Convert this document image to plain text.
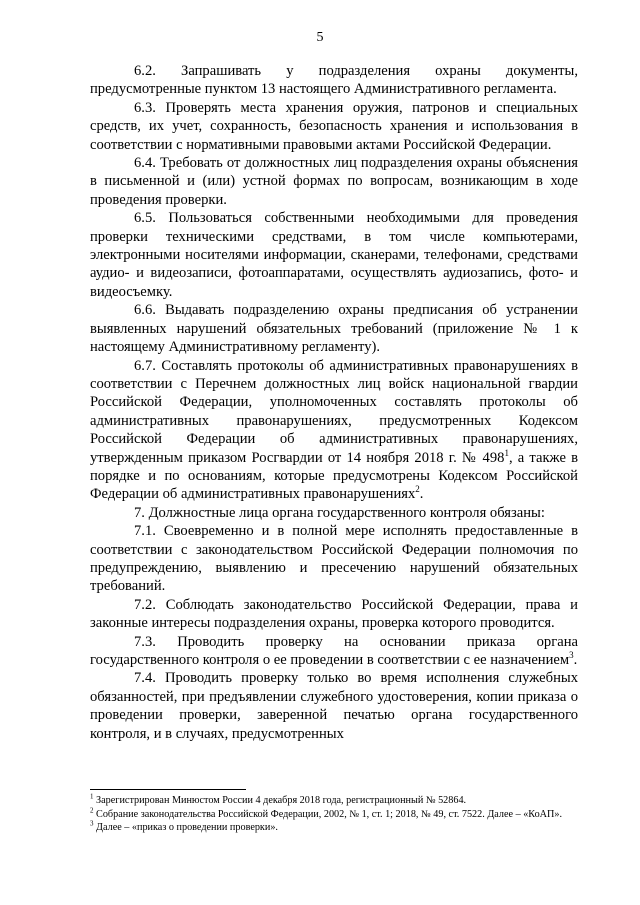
5

6.2. Запрашивать у подразделения охраны документы, предусмотренные пунктом 13 настоящего Административного регламента.

6.3. Проверять места хранения оружия, патронов и специальных средств, их учет, сохранность, безопасность хранения и использования в соответствии с нормативными правовыми актами Российской Федерации.

6.4. Требовать от должностных лиц подразделения охраны объяснения в письменной и (или) устной формах по вопросам, возникающим в ходе проведения проверки.

6.5. Пользоваться собственными необходимыми для проведения проверки техническими средствами, в том числе компьютерами, электронными носителями информации, сканерами, телефонами, средствами аудио- и видеозаписи, фотоаппаратами, осуществлять аудиозапись, фото- и видеосъемку.

6.6. Выдавать подразделению охраны предписания об устранении выявленных нарушений обязательных требований (приложение № 1 к настоящему Административному регламенту).

6.7. Составлять протоколы об административных правонарушениях в соответствии с Перечнем должностных лиц войск национальной гвардии Российской Федерации, уполномоченных составлять протоколы об административных правонарушениях, предусмотренных Кодексом Российской Федерации об административных правонарушениях, утвержденным приказом Росгвардии от 14 ноября 2018 г. № $498^1$, а также в порядке и по основаниям, которые предусмотрены Кодексом Российской Федерации об административных правонарушениях$^2$.

7. Должностные лица органа государственного контроля обязаны:

7.1. Своевременно и в полной мере исполнять предоставленные в соответствии с законодательством Российской Федерации полномочия по предупреждению, выявлению и пресечению нарушений обязательных требований.

7.2. Соблюдать законодательство Российской Федерации, права и законные интересы подразделения охраны, проверка которого проводится.

7.3. Проводить проверку на основании приказа органа государственного контроля о ее проведении в соответствии с ее назначением$^3$.

7.4. Проводить проверку только во время исполнения служебных обязанностей, при предъявлении служебного удостоверения, копии приказа о проведении проверки, заверенной печатью органа государственного контроля, и в случаях, предусмотренных

$^1$ Зарегистрирован Минюстом России 4 декабря 2018 года, регистрационный № 52864.

$^2$ Собрание законодательства Российской Федерации, 2002, № 1, ст. 1; 2018, № 49, ст. 7522. Далее – «КоАП».

$^3$ Далее – «приказ о проведении проверки».
